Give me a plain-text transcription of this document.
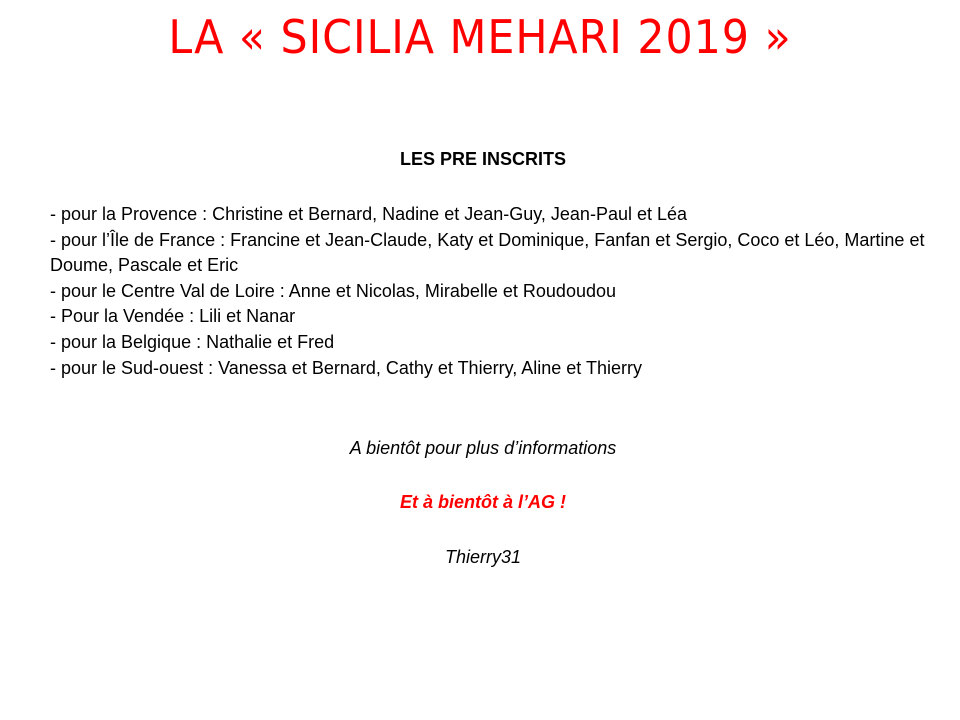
LA « SICILIA MEHARI 2019 »
LES PRE INSCRITS
- pour la Provence : Christine et Bernard, Nadine et Jean-Guy, Jean-Paul et Léa
- pour l’Île de France : Francine et Jean-Claude, Katy et Dominique, Fanfan et Sergio, Coco et Léo, Martine et Doume, Pascale et Eric
- pour le Centre Val de Loire : Anne et Nicolas, Mirabelle et Roudoudou
- Pour la Vendée : Lili et Nanar
- pour la Belgique : Nathalie et Fred
- pour le Sud-ouest : Vanessa et Bernard, Cathy et Thierry, Aline et Thierry
A bientôt pour plus d’informations
Et à bientôt à l’AG !
Thierry31
